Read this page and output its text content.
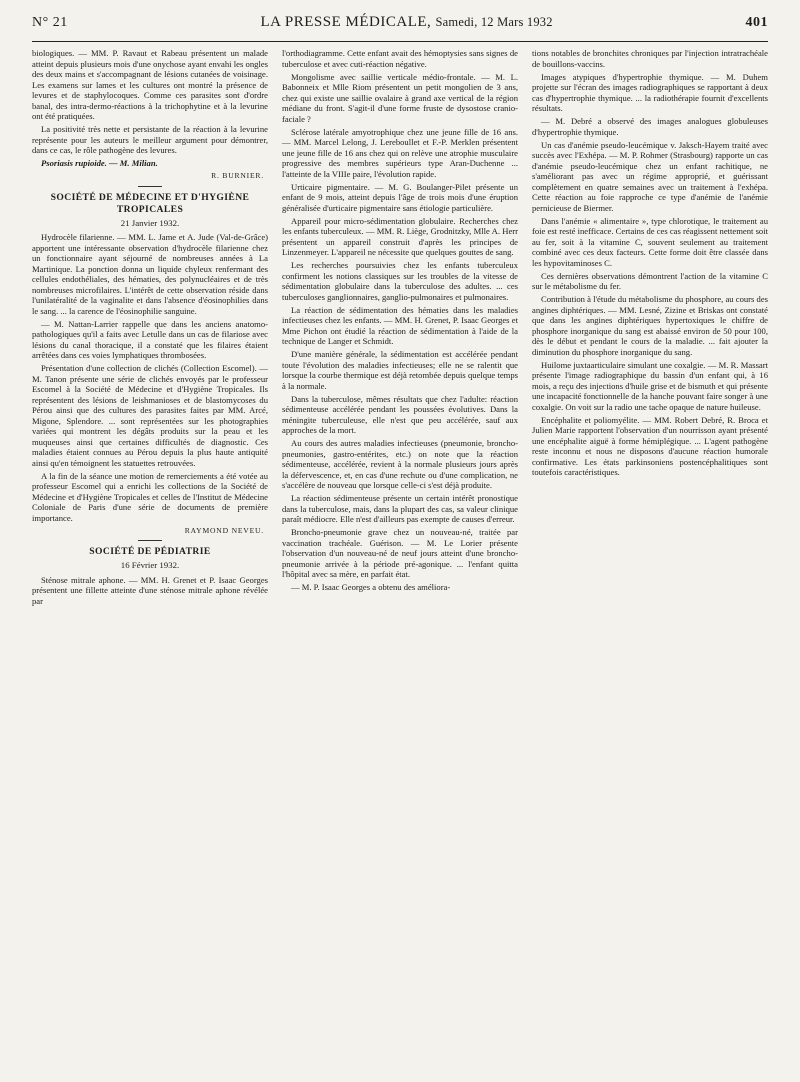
N° 21	LA PRESSE MÉDICALE, Samedi, 12 Mars 1932	401

biologiques. — MM. P. Ravaut et Rabeau présentent un malade atteint depuis plusieurs mois d'une onychose ayant envahi les ongles des deux mains et s'accompagnant de lésions cutanées de voisinage. Les examens sur lames et les cultures ont montré la présence de levures et de staphylocoques. Comme ces parasites sont d'ordre banal, des intra-dermo-réactions à la trichophytine et à la levurine ont été pratiquées.

La positivité très nette et persistante de la réaction à la levurine représente pour les auteurs le meilleur argument pour démontrer, dans ce cas, le rôle pathogène des levures.

Psoriasis rupioide. — M. Milian.

R. BURNIER.
SOCIÉTÉ DE MÉDECINE ET D'HYGIÈNE TROPICALES
21 Janvier 1932.

Hydrocèle filarienne. — MM. L. Jame et A. Jude (Val-de-Grâce) apportent une intéressante observation d'hydrocèle filarienne chez un fonctionnaire ayant séjourné de nombreuses années à La Martinique. La ponction donna un liquide chyleux renfermant des cellules endothéliales, des hématies, des polynucléaires et de très nombreuses microfilaires. L'intérêt de cette observation réside dans l'unilatéralité de la vaginalite et dans l'absence d'éosinophilies dans le sang. ... la carence de l'éosinophilie sanguine.

— M. Nattan-Larrier rappelle que dans les anciens anatomo-pathologiques qu'il a faits avec Letulle dans un cas de filariose avec lésions du canal thoracique, il a constaté que les filaires étaient arrêtées dans ces voies lymphatiques thrombosées.

Présentation d'une collection de clichés (Collection Escomel). — M. Tanon présente une série de clichés envoyés par le professeur Escomel à la Société de Médecine et d'Hygiène Tropicales. Ils représentent des lésions de leishmanioses et de blastomycoses du Pérou ainsi que des cultures des parasites faites par MM. Arcé, Migone, Splendore. ... sont représentées sur les photographies variées qui montrent les dégâts produits sur la peau et les muqueuses ainsi que certaines difficultés de diagnostic. Ces maladies étaient connues au Pérou depuis la plus haute antiquité ainsi qu'en témoignent les statuettes retrouvées.

A la fin de la séance une motion de remerciements a été votée au professeur Escomel qui a enrichi les collections de la Société de Médecine et d'Hygiène Tropicales et celles de l'Institut de Médecine Coloniale de Paris d'une série de documents de première importance.

RAYMOND NEVEU.
SOCIÉTÉ DE PÉDIATRIE
16 Février 1932.

Sténose mitrale aphone. — MM. H. Grenet et P. Isaac Georges présentent une fillette atteinte d'une sténose mitrale aphone révélée par

l'orthodiagramme. Cette enfant avait des hémoptysies sans signes de tuberculose et avec cuti-réaction négative.

Mongolisme avec saillie verticale médio-frontale. — M. L. Babonneix et Mlle Riom présentent un petit mongolien de 3 ans, chez qui existe une saillie ovalaire à grand axe vertical de la région médiane du front. S'agit-il d'une forme fruste de dysostose cranio-faciale ?

Sclérose latérale amyotrophique chez une jeune fille de 16 ans. — MM. Marcel Lelong, J. Lereboullet et F.-P. Merklen présentent une jeune fille de 16 ans chez qui on relève une atrophie musculaire progressive des membres supérieurs type Aran-Duchenne ... l'atteinte de la VIIIe paire, l'évolution rapide.

Urticaire pigmentaire. — M. G. Boulanger-Pilet présente un enfant de 9 mois, atteint depuis l'âge de trois mois d'une éruption généralisée d'urticaire pigmentaire sans étiologie particulière.

Appareil pour micro-sédimentation globulaire. Recherches chez les enfants tuberculeux. — MM. R. Liège, Grodnitzky, Mlle A. Herr présentent un appareil construit d'après les principes de Linzenmeyer. L'appareil ne nécessite que quelques gouttes de sang.

Les recherches poursuivies chez les enfants tuberculeux confirment les notions classiques sur les troubles de la vitesse de sédimentation globulaire dans la tuberculose des adultes. ... ces tuberculoses ganglionnaires, ganglio-pulmonaires et pulmonaires.

La réaction de sédimentation des hématies dans les maladies infectieuses chez les enfants. — MM. H. Grenet, P. Isaac Georges et Mme Pichon ont étudié la réaction de sédimentation à l'aide de la technique de Langer et Schmidt.

D'une manière générale, la sédimentation est accélérée pendant toute l'évolution des maladies infectieuses; elle ne se ralentit que lorsque la courbe thermique est déjà retombée depuis quelque temps à la normale.

Dans la tuberculose, mêmes résultats que chez l'adulte: réaction sédimenteuse accélérée pendant les poussées évolutives. Dans la méningite tuberculeuse, elle n'est que peu accélérée, sauf aux approches de la mort.

Au cours des autres maladies infectieuses (pneumonie, broncho-pneumonies, gastro-entérites, etc.) on note que la réaction sédimenteuse, accélérée, revient à la normale plusieurs jours après la défervescence, et, en cas d'une rechute ou d'une complication, ne s'accélère de nouveau que lorsque celle-ci s'est déjà produite.

La réaction sédimenteuse présente un certain intérêt pronostique dans la tuberculose, mais, dans la plupart des cas, sa valeur clinique paraît médiocre. Elle n'est d'ailleurs pas exempte de causes d'erreur.

Broncho-pneumonie grave chez un nouveau-né, traitée par vaccination trachéale. Guérison. — M. Le Lorier présente l'observation d'un nouveau-né de neuf jours atteint d'une broncho-pneumonie arrivée à la période pré-agonique. ... l'enfant quitta l'hôpital avec sa mère, en parfait état.

— M. P. Isaac Georges a obtenu des améliora-

tions notables de bronchites chroniques par l'injection intratrachéale de bouillons-vaccins.

Images atypiques d'hypertrophie thymique. — M. Duhem projette sur l'écran des images radiographiques se rapportant à deux cas d'hypertrophie thymique. ... la radiothérapie fournit d'excellents résultats.

— M. Debré a observé des images analogues globuleuses d'hypertrophie thymique.

Un cas d'anémie pseudo-leucémique v. Jaksch-Hayem traité avec succès avec l'Exhépa. — M. P. Rohmer (Strasbourg) rapporte un cas d'anémie pseudo-leucémique chez un enfant rachitique, ne s'améliorant pas avec un régime approprié, et guérissant complètement en quatre semaines avec un traitement à l'exhépa. Cette réaction au foie rapproche ce type d'anémie de l'anémie pernicieuse de Biermer.

Dans l'anémie « alimentaire », type chlorotique, le traitement au foie est resté inefficace. Certains de ces cas réagissent nettement soit au fer, soit à la vitamine C, souvent seulement au traitement combiné avec ces deux facteurs. Cette forme doit être classée dans les hypovitaminoses C.

Ces dernières observations démontrent l'action de la vitamine C sur le métabolisme du fer.

Contribution à l'étude du métabolisme du phosphore, au cours des angines diphtériques. — MM. Lesné, Zizine et Briskas ont constaté que dans les angines diphtériques hypertoxiques le chiffre de phosphore inorganique du sang est abaissé environ de 50 pour 100, dès le début et pendant le cours de la maladie. ... fait ajouter la diminution du phosphore inorganique du sang.

Huilome juxtaarticulaire simulant une coxalgie. — M. R. Massart présente l'image radiographique du bassin d'un enfant qui, à 16 mois, a reçu des injections d'huile grise et de bismuth et qui présente une incapacité fonctionnelle de la hanche pouvant faire songer à une coxalgie. On voit sur la radio une tache opaque de nature huileuse.

Encéphalite et poliomyélite. — MM. Robert Debré, R. Broca et Julien Marie rapportent l'observation d'un nourrisson ayant présenté une encéphalite aiguë à forme hémiplégique. ... L'agent pathogène reste inconnu et nous ne disposons d'aucune réaction humorale confirmative. Les états parkinsoniens postencéphalitiques sont toutefois caractéristiques.
